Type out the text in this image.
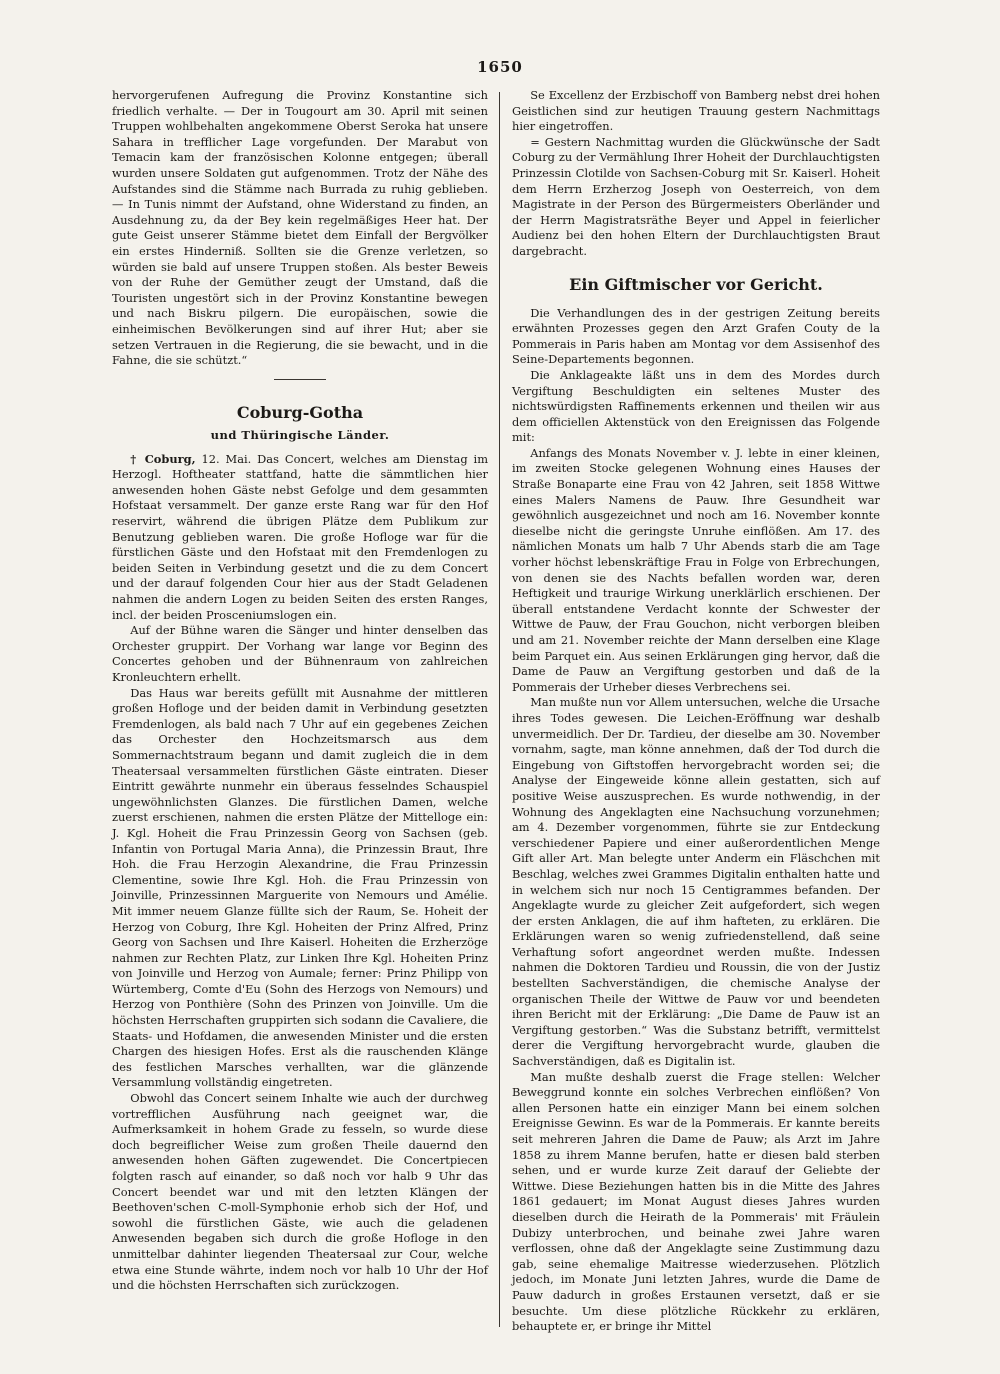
1650

hervorgerufenen Aufregung die Provinz Konstantine sich friedlich verhalte. — Der in Tougourt am 30. April mit seinen Truppen wohlbehalten angekommene Oberst Seroka hat unsere Sahara in trefflicher Lage vorgefunden. Der Marabut von Temacin kam der französischen Kolonne entgegen; überall wurden unsere Soldaten gut aufgenommen. Trotz der Nähe des Aufstandes sind die Stämme nach Burrada zu ruhig geblieben. — In Tunis nimmt der Aufstand, ohne Widerstand zu finden, an Ausdehnung zu, da der Bey kein regelmäßiges Heer hat. Der gute Geist unserer Stämme bietet dem Einfall der Bergvölker ein erstes Hinderniß. Sollten sie die Grenze verletzen, so würden sie bald auf unsere Truppen stoßen. Als bester Beweis von der Ruhe der Gemüther zeugt der Umstand, daß die Touristen ungestört sich in der Provinz Konstantine bewegen und nach Biskru pilgern. Die europäischen, sowie die einheimischen Bevölkerungen sind auf ihrer Hut; aber sie setzen Vertrauen in die Regierung, die sie bewacht, und in die Fahne, die sie schützt.“

Coburg-Gotha
und Thüringische Länder.

† Coburg, 12. Mai. Das Concert, welches am Dienstag im Herzogl. Hoftheater stattfand, hatte die sämmtlichen hier anwesenden hohen Gäste nebst Gefolge und dem gesammten Hofstaat versammelt. Der ganze erste Rang war für den Hof reservirt, während die übrigen Plätze dem Publikum zur Benutzung geblieben waren. Die große Hofloge war für die fürstlichen Gäste und den Hofstaat mit den Fremdenlogen zu beiden Seiten in Verbindung gesetzt und die zu dem Concert und der darauf folgenden Cour hier aus der Stadt Geladenen nahmen die andern Logen zu beiden Seiten des ersten Ranges, incl. der beiden Prosceniumslogen ein.

Auf der Bühne waren die Sänger und hinter denselben das Orchester gruppirt. Der Vorhang war lange vor Beginn des Concertes gehoben und der Bühnenraum von zahlreichen Kronleuchtern erhellt.

Das Haus war bereits gefüllt mit Ausnahme der mittleren großen Hofloge und der beiden damit in Verbindung gesetzten Fremdenlogen, als bald nach 7 Uhr auf ein gegebenes Zeichen das Orchester den Hochzeitsmarsch aus dem Sommernachtstraum begann und damit zugleich die in dem Theatersaal versammelten fürstlichen Gäste eintraten. Dieser Eintritt gewährte nunmehr ein überaus fesselndes Schauspiel ungewöhnlichsten Glanzes. Die fürstlichen Damen, welche zuerst erschienen, nahmen die ersten Plätze der Mittelloge ein: J. Kgl. Hoheit die Frau Prinzessin Georg von Sachsen (geb. Infantin von Portugal Maria Anna), die Prinzessin Braut, Ihre Hoh. die Frau Herzogin Alexandrine, die Frau Prinzessin Clementine, sowie Ihre Kgl. Hoh. die Frau Prinzessin von Joinville, Prinzessinnen Marguerite von Nemours und Amélie. Mit immer neuem Glanze füllte sich der Raum, Se. Hoheit der Herzog von Coburg, Ihre Kgl. Hoheiten der Prinz Alfred, Prinz Georg von Sachsen und Ihre Kaiserl. Hoheiten die Erzherzöge nahmen zur Rechten Platz, zur Linken Ihre Kgl. Hoheiten Prinz von Joinville und Herzog von Aumale; ferner: Prinz Philipp von Würtemberg, Comte d'Eu (Sohn des Herzogs von Nemours) und Herzog von Ponthière (Sohn des Prinzen von Joinville. Um die höchsten Herrschaften gruppirten sich sodann die Cavaliere, die Staats- und Hofdamen, die anwesenden Minister und die ersten Chargen des hiesigen Hofes. Erst als die rauschenden Klänge des festlichen Marsches verhallten, war die glänzende Versammlung vollständig eingetreten.

Obwohl das Concert seinem Inhalte wie auch der durchweg vortrefflichen Ausführung nach geeignet war, die Aufmerksamkeit in hohem Grade zu fesseln, so wurde diese doch begreiflicher Weise zum großen Theile dauernd den anwesenden hohen Gäften zugewendet. Die Concertpiecen folgten rasch auf einander, so daß noch vor halb 9 Uhr das Concert beendet war und mit den letzten Klängen der Beethoven'schen C-moll-Symphonie erhob sich der Hof, und sowohl die fürstlichen Gäste, wie auch die geladenen Anwesenden begaben sich durch die große Hofloge in den unmittelbar dahinter liegenden Theatersaal zur Cour, welche etwa eine Stunde währte, indem noch vor halb 10 Uhr der Hof und die höchsten Herrschaften sich zurückzogen.

Se Excellenz der Erzbischoff von Bamberg nebst drei hohen Geistlichen sind zur heutigen Trauung gestern Nachmittags hier eingetroffen.

= Gestern Nachmittag wurden die Glückwünsche der Sadt Coburg zu der Vermählung Ihrer Hoheit der Durchlauchtigsten Prinzessin Clotilde von Sachsen-Coburg mit Sr. Kaiserl. Hoheit dem Herrn Erzherzog Joseph von Oesterreich, von dem Magistrate in der Person des Bürgermeisters Oberländer und der Herrn Magistratsräthe Beyer und Appel in feierlicher Audienz bei den hohen Eltern der Durchlauchtigsten Braut dargebracht.

Ein Giftmischer vor Gericht.

Die Verhandlungen des in der gestrigen Zeitung bereits erwähnten Prozesses gegen den Arzt Grafen Couty de la Pommerais in Paris haben am Montag vor dem Assisenhof des Seine-Departements begonnen.

Die Anklageakte läßt uns in dem des Mordes durch Vergiftung Beschuldigten ein seltenes Muster des nichtswürdigsten Raffinements erkennen und theilen wir aus dem officiellen Aktenstück von den Ereignissen das Folgende mit:

Anfangs des Monats November v. J. lebte in einer kleinen, im zweiten Stocke gelegenen Wohnung eines Hauses der Straße Bonaparte eine Frau von 42 Jahren, seit 1858 Wittwe eines Malers Namens de Pauw. Ihre Gesundheit war gewöhnlich ausgezeichnet und noch am 16. November konnte dieselbe nicht die geringste Unruhe einflößen. Am 17. des nämlichen Monats um halb 7 Uhr Abends starb die am Tage vorher höchst lebenskräftige Frau in Folge von Erbrechungen, von denen sie des Nachts befallen worden war, deren Heftigkeit und traurige Wirkung unerklärlich erschienen. Der überall entstandene Verdacht konnte der Schwester der Wittwe de Pauw, der Frau Gouchon, nicht verborgen bleiben und am 21. November reichte der Mann derselben eine Klage beim Parquet ein. Aus seinen Erklärungen ging hervor, daß die Dame de Pauw an Vergiftung gestorben und daß de la Pommerais der Urheber dieses Verbrechens sei.

Man mußte nun vor Allem untersuchen, welche die Ursache ihres Todes gewesen. Die Leichen-Eröffnung war deshalb unvermeidlich. Der Dr. Tardieu, der dieselbe am 30. November vornahm, sagte, man könne annehmen, daß der Tod durch die Eingebung von Giftstoffen hervorgebracht worden sei; die Analyse der Eingeweide könne allein gestatten, sich auf positive Weise auszusprechen. Es wurde nothwendig, in der Wohnung des Angeklagten eine Nachsuchung vorzunehmen; am 4. Dezember vorgenommen, führte sie zur Entdeckung verschiedener Papiere und einer außerordentlichen Menge Gift aller Art. Man belegte unter Anderm ein Fläschchen mit Beschlag, welches zwei Grammes Digitalin enthalten hatte und in welchem sich nur noch 15 Centigrammes befanden. Der Angeklagte wurde zu gleicher Zeit aufgefordert, sich wegen der ersten Anklagen, die auf ihm hafteten, zu erklären. Die Erklärungen waren so wenig zufriedenstellend, daß seine Verhaftung sofort angeordnet werden mußte. Indessen nahmen die Doktoren Tardieu und Roussin, die von der Justiz bestellten Sachverständigen, die chemische Analyse der organischen Theile der Wittwe de Pauw vor und beendeten ihren Bericht mit der Erklärung: „Die Dame de Pauw ist an Vergiftung gestorben.“ Was die Substanz betrifft, vermittelst derer die Vergiftung hervorgebracht wurde, glauben die Sachverständigen, daß es Digitalin ist.

Man mußte deshalb zuerst die Frage stellen: Welcher Beweggrund konnte ein solches Verbrechen einflößen? Von allen Personen hatte ein einziger Mann bei einem solchen Ereignisse Gewinn. Es war de la Pommerais. Er kannte bereits seit mehreren Jahren die Dame de Pauw; als Arzt im Jahre 1858 zu ihrem Manne berufen, hatte er diesen bald sterben sehen, und er wurde kurze Zeit darauf der Geliebte der Wittwe. Diese Beziehungen hatten bis in die Mitte des Jahres 1861 gedauert; im Monat August dieses Jahres wurden dieselben durch die Heirath de la Pommerais' mit Fräulein Dubizy unterbrochen, und beinahe zwei Jahre waren verflossen, ohne daß der Angeklagte seine Zustimmung dazu gab, seine ehemalige Maitresse wiederzusehen. Plötzlich jedoch, im Monate Juni letzten Jahres, wurde die Dame de Pauw dadurch in großes Erstaunen versetzt, daß er sie besuchte. Um diese plötzliche Rückkehr zu erklären, behauptete er, er bringe ihr Mittel
